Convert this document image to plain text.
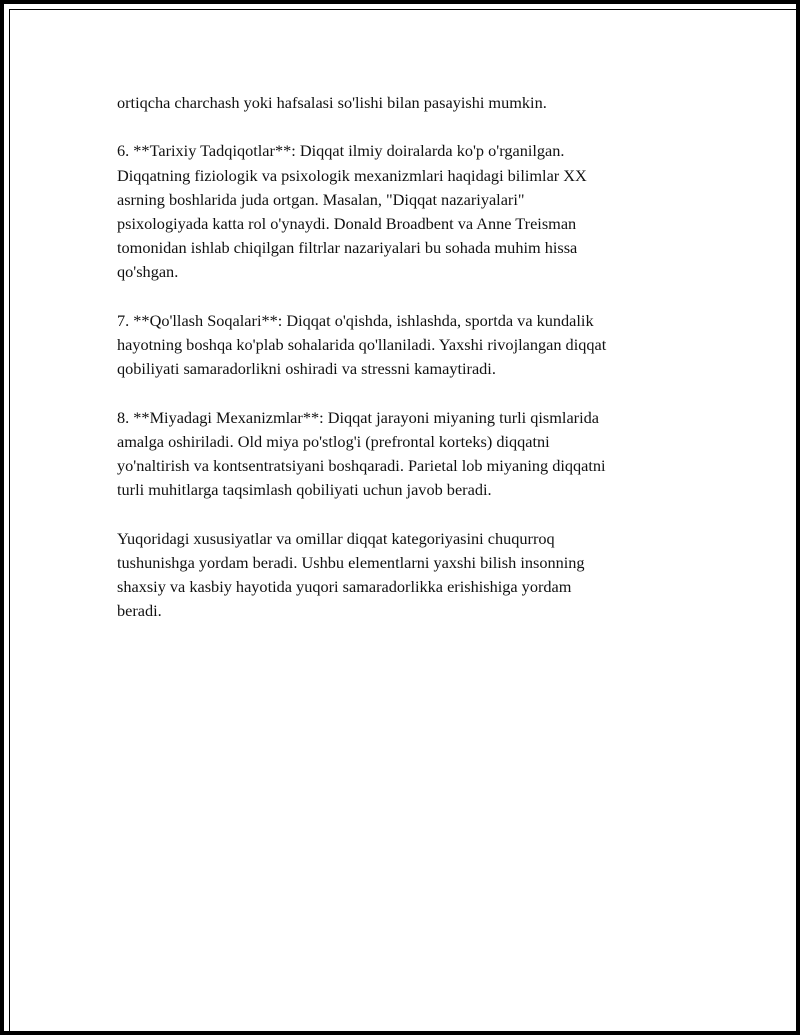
ortiqcha charchash yoki hafsalasi so'lishi bilan pasayishi mumkin.

6. **Tarixiy Tadqiqotlar**: Diqqat ilmiy doiralarda ko'p o'rganilgan.
Diqqatning fiziologik va psixologik mexanizmlari haqidagi bilimlar XX
asrning boshlarida juda ortgan. Masalan, "Diqqat nazariyalari"
psixologiyada katta rol o'ynaydi. Donald Broadbent va Anne Treisman
tomonidan ishlab chiqilgan filtrlar nazariyalari bu sohada muhim hissa
qo'shgan.

7. **Qo'llash Soqalari**: Diqqat o'qishda, ishlashda, sportda va kundalik
hayotning boshqa ko'plab sohalarida qo'llaniladi. Yaxshi rivojlangan diqqat
qobiliyati samaradorlikni oshiradi va stressni kamaytiradi.

8. **Miyadagi Mexanizmlar**: Diqqat jarayoni miyaning turli qismlarida
amalga oshiriladi. Old miya po'stlog'i (prefrontal korteks) diqqatni
yo'naltirish va kontsentratsiyani boshqaradi. Parietal lob miyaning diqqatni
turli muhitlarga taqsimlash qobiliyati uchun javob beradi.

Yuqoridagi xususiyatlar va omillar diqqat kategoriyasini chuqurroq
tushunishga yordam beradi. Ushbu elementlarni yaxshi bilish insonning
shaxsiy va kasbiy hayotida yuqori samaradorlikka erishishiga yordam
beradi.
